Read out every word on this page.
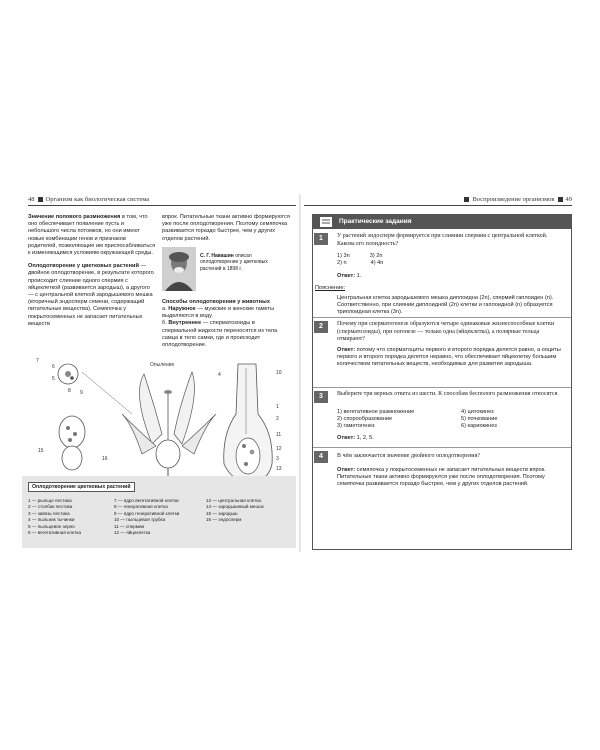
48 Организм как биологическая система

Значение полового размножения в том, что оно обеспечивает появление пусть и небольшого числа потомков, но они имеют новые комбинации генов и признаков родителей, позволяющие им приспосабливаться к изменяющимся условиям окружающей среды.

Оплодотворение у цветковых растений — двойное оплодотворение, в результате которого происходит слияние одного спермия с яйцеклеткой (развивается зародыш), а другого — с центральной клеткой зародышевого мешка (вторичный эндосперм семени, содержащий питательные вещества). Семяпочка у покрытосеменных не запасает питательных веществ

впрок. Питательные ткани активно формируются уже после оплодотворения. Поэтому семяпочка развивается гораздо быстрее, чем у других отделов растений.

С. Г. Навашин описал оплодотворение у цветковых растений в 1898 г.

Способы оплодотворения у животных

а. Наружное — мужские и женские гаметы выделяются в воду.

б. Внутреннее — сперматозоиды в спермальной жидкости переносятся из тела самца в тело самки, где и происходит оплодотворение.

7
6
5
8 9
15
16
Опыление
4	10
1
2
11
12
3
13
Оплодотворение цветковых растений
1 — рыльце пестика
2 — столбик пестика
3 — завязь пестика
4 — пыльник тычинки
5 — пыльцевое зерно
6 — вегетативная клетка
7 — ядро вегетативной клетки
8 — генеративная клетка
9 — ядро генеративной клетки
10 — пыльцевая трубка
11 — спермии
12 — яйцеклетка
13 — центральная клетка
14 — зародышевый мешок
15 — зародыш
16 — эндосперм
Воспроизведение организмов 49
Практические задания
1	У растений эндосперм формируется при слиянии спермия с центральной клеткой. Какова его плоидность?

1) 3n	3) 2n
2) n	4) 4n

Ответ: 1.

Пояснение:

Центральная клетка зародышевого мешка диплоидна (2n), спермий гаплоиден (n). Соответственно, при слиянии диплоидной (2n) клетки и гаплоидной (n) образуется триплоидная клетка (3n).

2	Почему при сперматогенезе образуются четыре одинаковые жизнеспособные клетки (сперматозоиды), при оогенезе — только одна (яйцеклетка), а полярные тельца отмирают?

Ответ: потому что сперматоциты первого и второго порядка делятся равно, а ооциты первого и второго порядка делятся неравно, что обеспечивает яйцеклетку большим количеством питательных веществ, необходимых для развития зародыша.

3	Выберите три верных ответа из шести. К способам бесполого размножения относятся

1) вегетативное размножение	4) цитокинез
2) спорообразование	5) почкование
3) гаметогенез	6) кариокинез

Ответ: 1, 2, 5.

4	В чём заключается значение двойного оплодотворения?

Ответ: семяпочка у покрытосеменных не запасает питательных веществ впрок. Питательные ткани активно формируются уже после оплодотворения. Поэтому семяпочка развивается гораздо быстрее, чем у других отделов растений.
